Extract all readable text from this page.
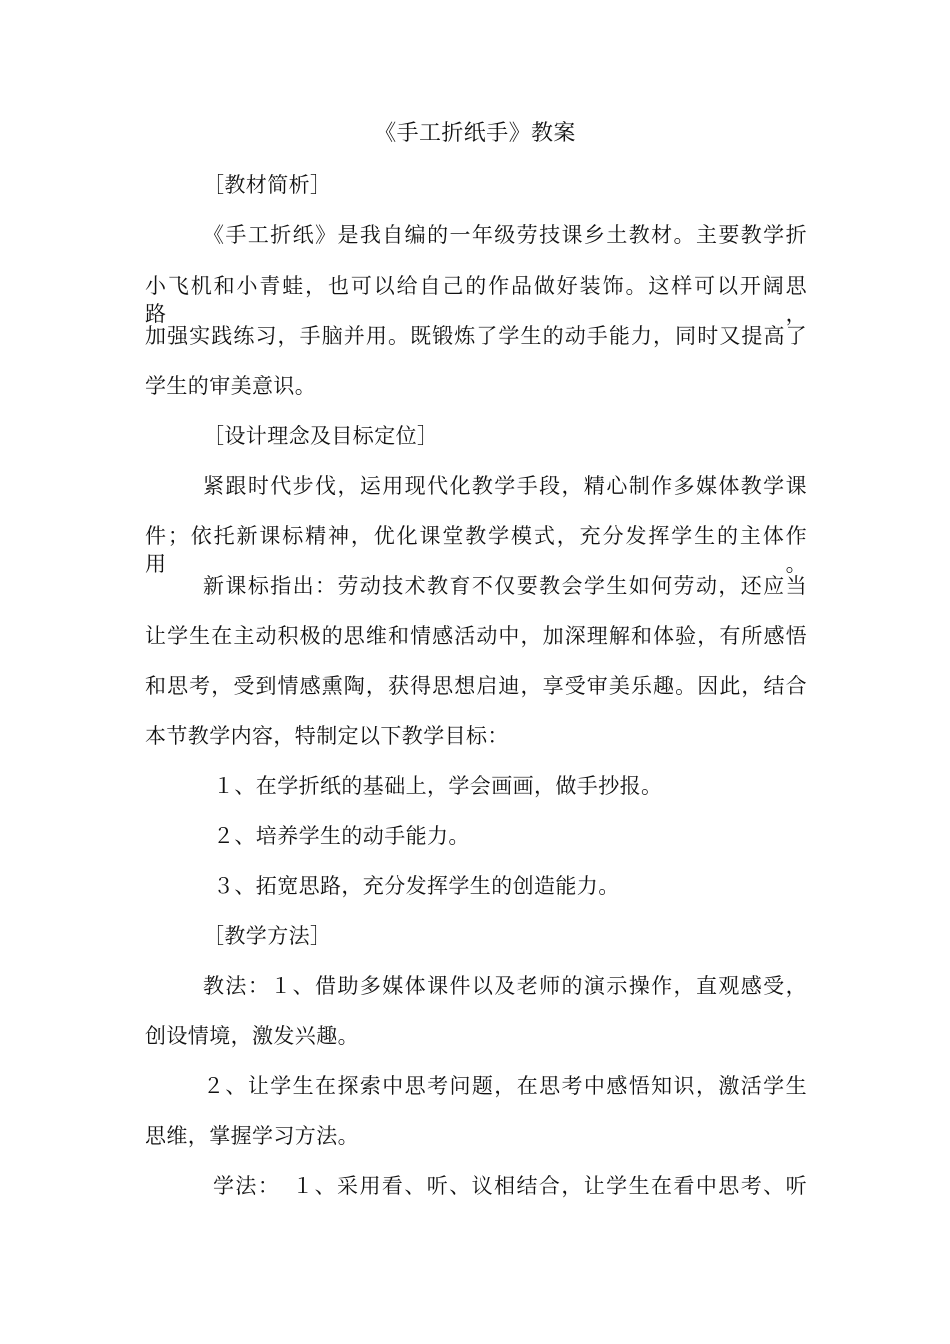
《手工折纸手》教案
［教材简析］
《手工折纸》是我自编的一年级劳技课乡土教材。主要教学折
小飞机和小青蛙，也可以给自己的作品做好装饰。这样可以开阔思路，
加强实践练习，手脑并用。既锻炼了学生的动手能力，同时又提高了
学生的审美意识。
［设计理念及目标定位］
紧跟时代步伐，运用现代化教学手段，精心制作多媒体教学课
件；依托新课标精神，优化课堂教学模式，充分发挥学生的主体作用。
新课标指出：劳动技术教育不仅要教会学生如何劳动，还应当
让学生在主动积极的思维和情感活动中，加深理解和体验，有所感悟
和思考，受到情感熏陶，获得思想启迪，享受审美乐趣。因此，结合
本节教学内容，特制定以下教学目标：
１、在学折纸的基础上，学会画画，做手抄报。
２、培养学生的动手能力。
３、拓宽思路，充分发挥学生的创造能力。
［教学方法］
教法：１、借助多媒体课件以及老师的演示操作，直观感受，
创设情境，激发兴趣。
２、让学生在探索中思考问题，在思考中感悟知识，激活学生
思维，掌握学习方法。
学法：　１、采用看、听、议相结合，让学生在看中思考、听
